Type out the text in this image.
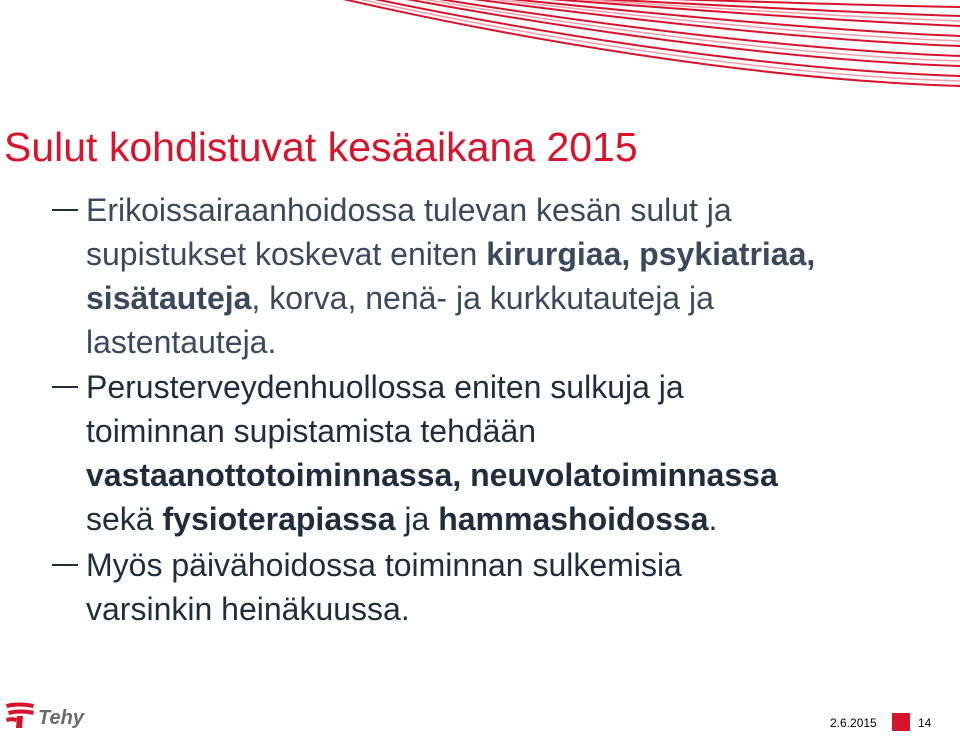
Sulut kohdistuvat kesäaikana 2015
Erikoissairaanhoidossa tulevan kesän sulut ja
supistukset koskevat eniten kirurgiaa, psykiatriaa,
sisätauteja, korva, nenä- ja kurkkutauteja ja
lastentauteja.
Perusterveydenhuollossa eniten sulkuja ja
toiminnan supistamista tehdään
vastaanottotoiminnassa, neuvolatoiminnassa
sekä fysioterapiassa ja hammashoidossa.
Myös päivähoidossa toiminnan sulkemisia
varsinkin heinäkuussa.
Tehy	2.6.2015	14
